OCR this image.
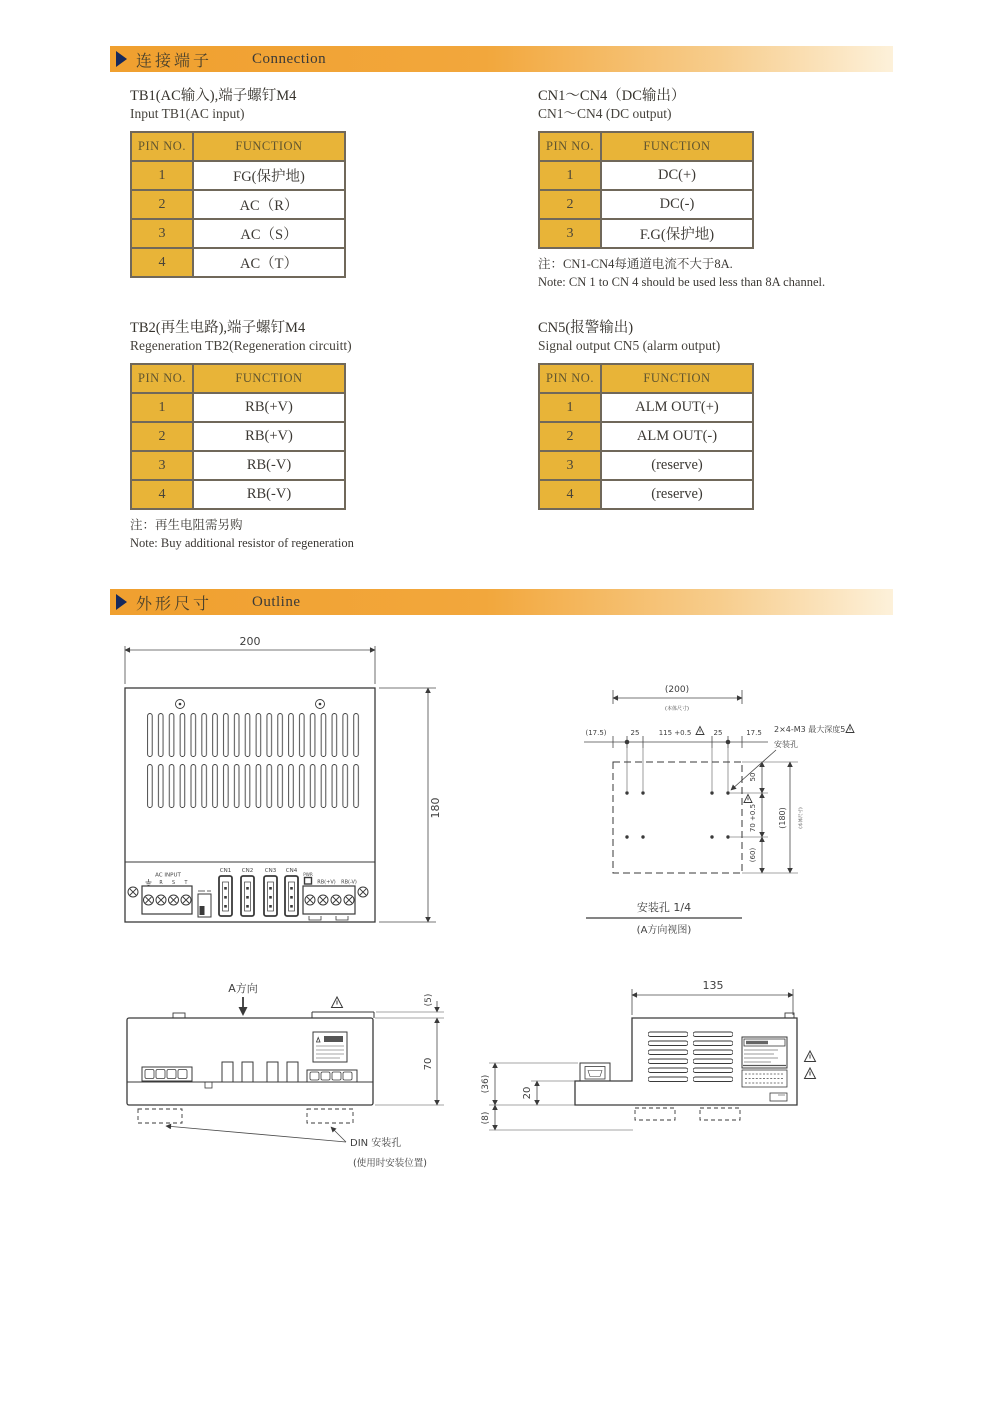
连接端子	Connection
TB1(AC输入),端子螺钉M4
Input TB1(AC input)
PIN NO.	FUNCTION
1	FG(保护地)
2	AC（R）
3	AC（S）
4	AC（T）
CN1～CN4（DC输出）
CN1～CN4 (DC output)
PIN NO.	FUNCTION
1	DC(+)
2	DC(-)
3	F.G(保护地)
注：CN1-CN4每通道电流不大于8A.
Note: CN 1 to CN 4 should be used less than 8A channel.
TB2(再生电路),端子螺钉M4
Regeneration TB2(Regeneration circuitt)
PIN NO.	FUNCTION
1	RB(+V)
2	RB(+V)
3	RB(-V)
4	RB(-V)
注：再生电阻需另购
Note: Buy additional resistor of regeneration
CN5(报警输出)
Signal output CN5 (alarm output)
PIN NO.	FUNCTION
1	ALM OUT(+)
2	ALM OUT(-)
3	(reserve)
4	(reserve)
外形尺寸	Outline
200
180
AC INPUT
R S T
CN1 CN2 CN3 CN4
PWR
RB(+V) RB(-V)
(200)
(本体尺寸)
(17.5)	25	115 +0.5	25	17.5
50
70 +0.5
(60)
(180)	(本体尺寸)
2×4-M3 最大深度5
安装孔
安装孔 1/4
(A方向视图)
A方向
DIN 安装孔
(使用时安装位置)
(5)
70
135
(36)	20
(8)
